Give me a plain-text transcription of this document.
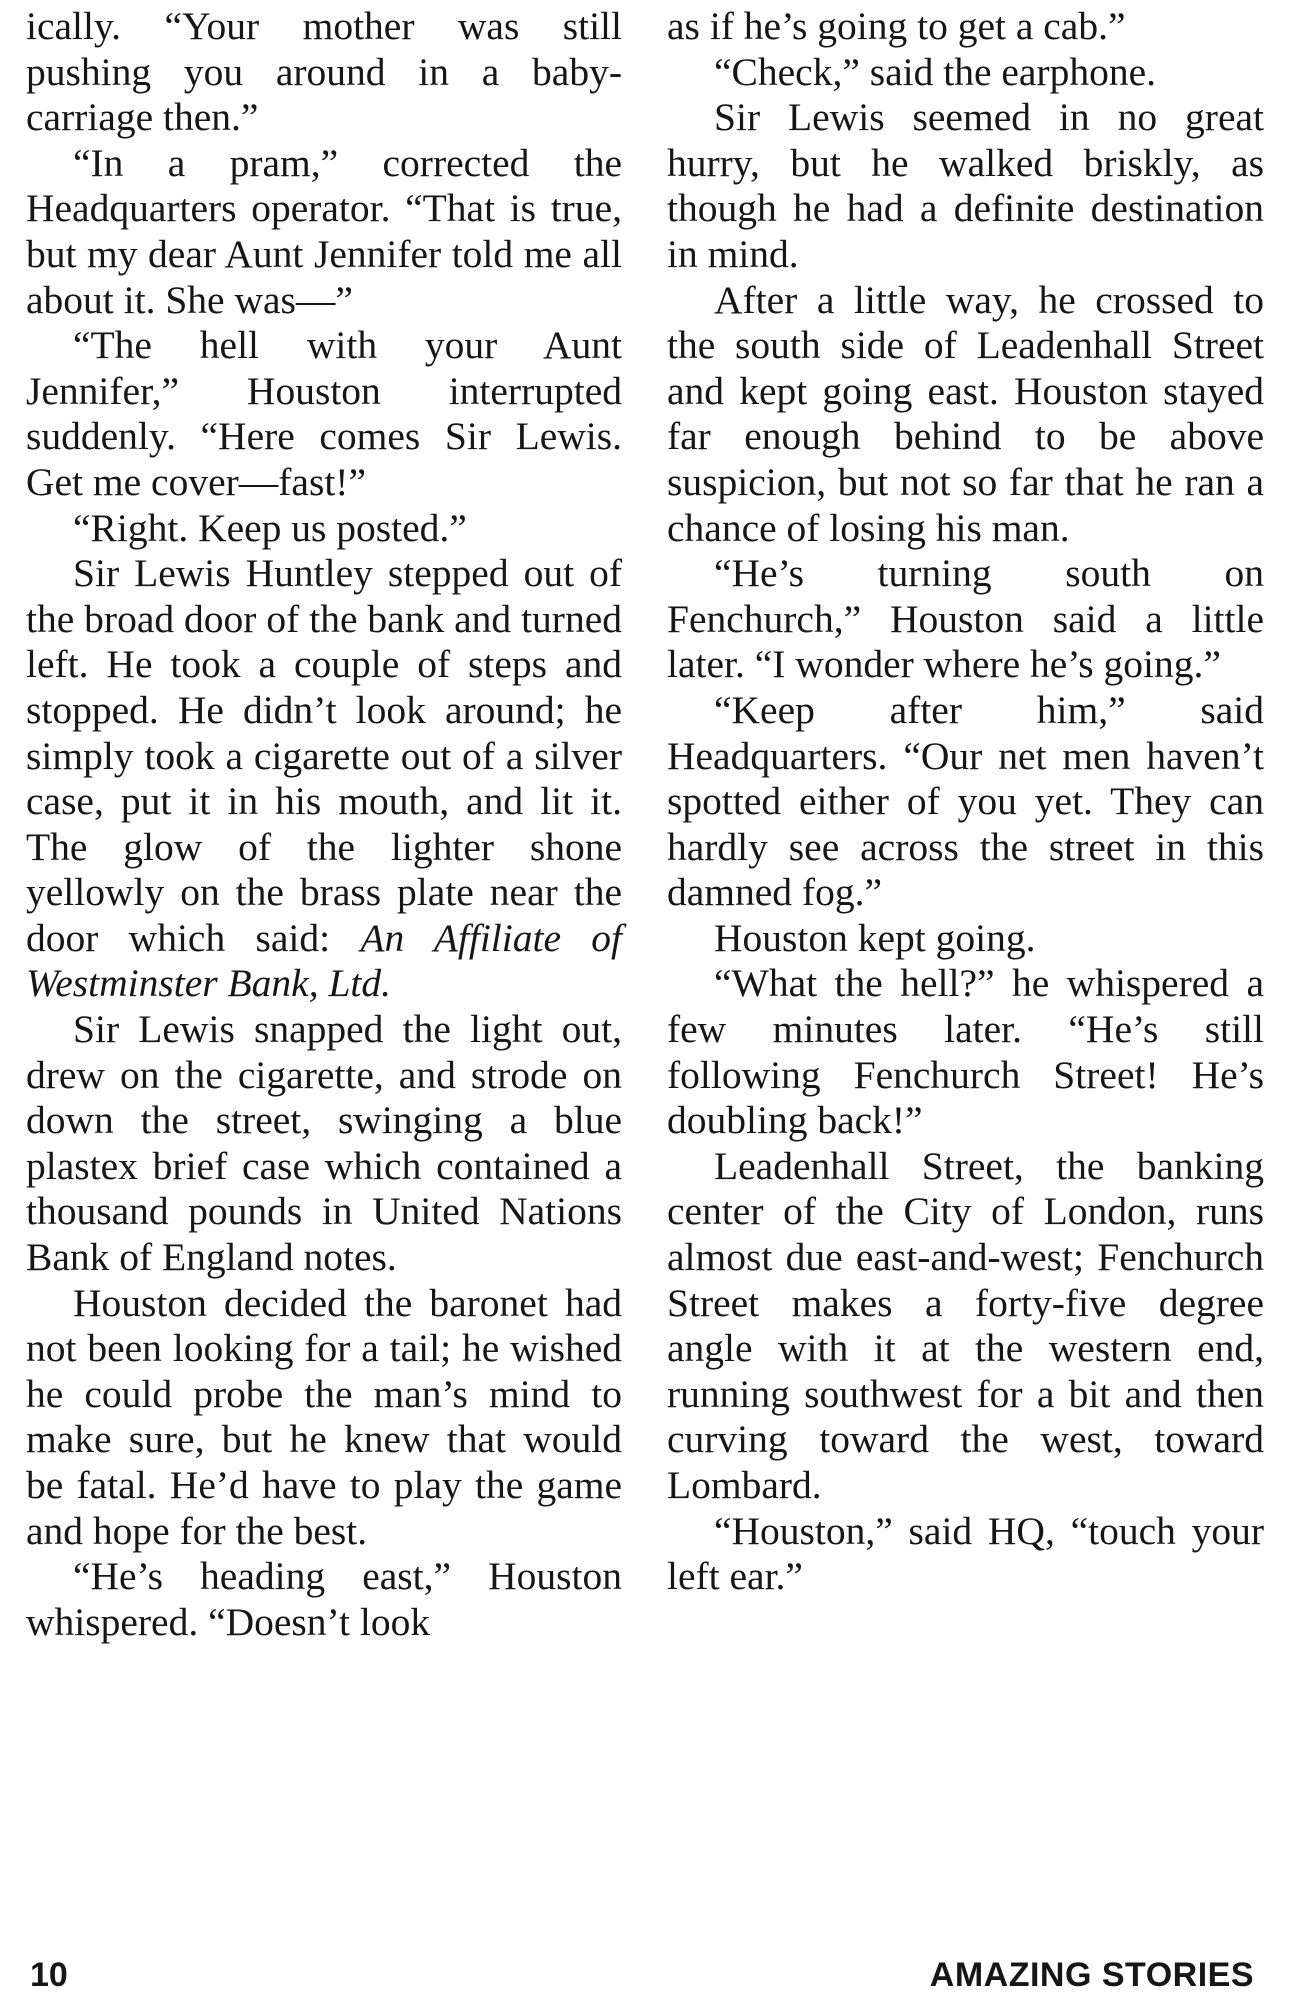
ically. “Your mother was still pushing you around in a baby-carriage then.”

“In a pram,” corrected the Headquarters operator. “That is true, but my dear Aunt Jennifer told me all about it. She was—”

“The hell with your Aunt Jennifer,” Houston interrupted suddenly. “Here comes Sir Lewis. Get me cover—fast!”

“Right. Keep us posted.”

Sir Lewis Huntley stepped out of the broad door of the bank and turned left. He took a couple of steps and stopped. He didn’t look around; he simply took a cigarette out of a silver case, put it in his mouth, and lit it. The glow of the lighter shone yellowly on the brass plate near the door which said: An Affiliate of Westminster Bank, Ltd.

Sir Lewis snapped the light out, drew on the cigarette, and strode on down the street, swinging a blue plastex brief case which contained a thousand pounds in United Nations Bank of England notes.

Houston decided the baronet had not been looking for a tail; he wished he could probe the man’s mind to make sure, but he knew that would be fatal. He’d have to play the game and hope for the best.

“He’s heading east,” Houston whispered. “Doesn’t look

as if he’s going to get a cab.”

“Check,” said the earphone.

Sir Lewis seemed in no great hurry, but he walked briskly, as though he had a definite destination in mind.

After a little way, he crossed to the south side of Leadenhall Street and kept going east. Houston stayed far enough behind to be above suspicion, but not so far that he ran a chance of losing his man.

“He’s turning south on Fenchurch,” Houston said a little later. “I wonder where he’s going.”

“Keep after him,” said Headquarters. “Our net men haven’t spotted either of you yet. They can hardly see across the street in this damned fog.”

Houston kept going.

“What the hell?” he whispered a few minutes later. “He’s still following Fenchurch Street! He’s doubling back!”

Leadenhall Street, the banking center of the City of London, runs almost due east-and-west; Fenchurch Street makes a forty-five degree angle with it at the western end, running southwest for a bit and then curving toward the west, toward Lombard.

“Houston,” said HQ, “touch your left ear.”

10	AMAZING STORIES
